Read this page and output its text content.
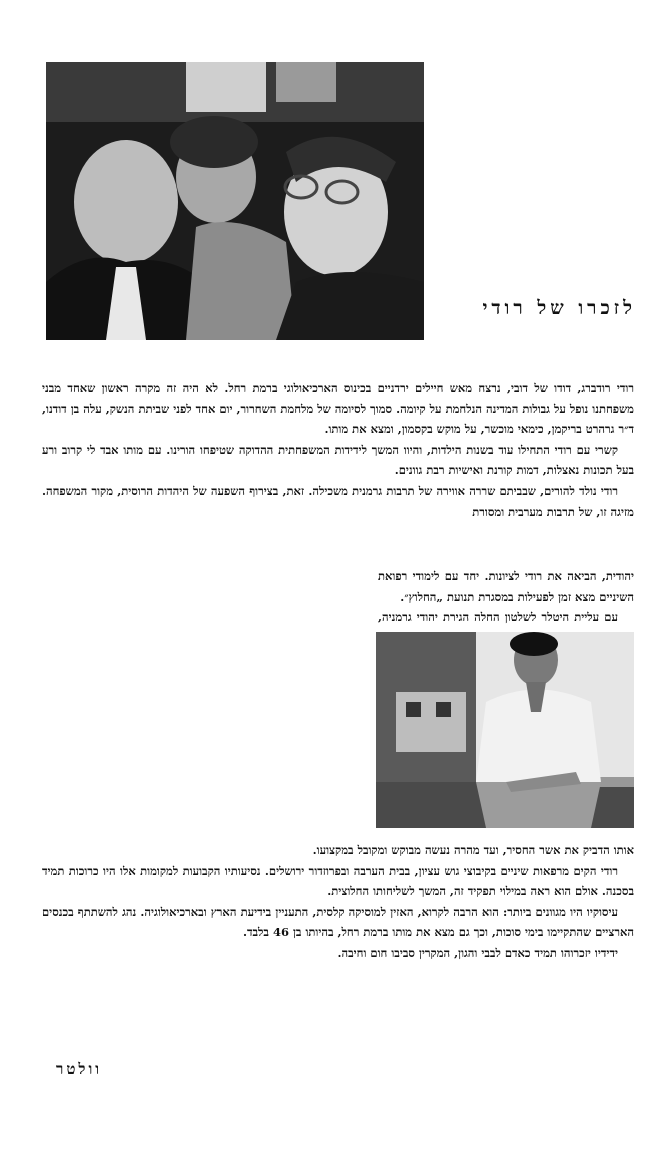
לזכרו של רודי

רודי רודברג, דודו של דובי, נרצח מאש חיילים ירדניים בכינוס הארכיאולוגי ברמת רחל. לא היה זה מקרה ראשון שאחד מבני משפחתנו נופל על גבולות המדינה הנלחמת על קיומה. סמוך לסיומה של מלחמת השחרור, יום אחד לפני שביתת הנשק, עלה בן דודנו, ד״ר גרהרט בריקמן, כימאי מוכשר, על מוקש בקסמון, ומצא את מותו.

קשרי עם רודי התחילו עוד בשנות הילדות, והיוו המשך לידידות המשפחתית ההדוקה שטיפחו הורינו. עם מותו אבד לי קרוב ורע בעל תכונות נאצלות, דמות קורנת ואישיות רבת גוונים.

רודי נולד להורים, שבביתם שררה אווירה של תרבות גרמנית משכילה. זאת, בצירוף השפעה של היהדות הרוסית, מקור המשפחה. מזיגה זו, של תרבות מערבית ומסורת

יהודית, הביאה את רודי לציונות. יחד עם לימודי רפואת השיניים מצא זמן לפעילות במסגרת תנועת „החלוץ״.

עם עליית היטלר לשלטון החלה הגירת יהודי גרמניה,

אותו הדביק את אשר החסיר, ועד מהרה נעשה מבוקש ומקובל במקצועו.

רודי הקים מרפאות שיניים בקיבוצי גוש עציון, בבית הערבה ובפרוזדור ירושלים. נסיעותיו הקבועות למקומות אלו היו כרוכות תמיד בסכנה. אולם הוא ראה במילוי תפקיד זה, המשך לשליחותו החלוצית.

עיסוקיו היו מגוונים ביותר: הוא הרבה לקרוא, האזין למוסיקה קלסית, התעניין בידיעת הארץ ובארכיאולוגיה. נהג להשתתף בכנסים הארציים שהתקיימו בימי סוכות, וכך גם מצא את מותו ברמת רחל, בהיותו בן 46 בלבד.

ידידיו יזכרוהו תמיד כאדם לבבי והגון, המקרין סביבו חום וחיבה.

וולטר
